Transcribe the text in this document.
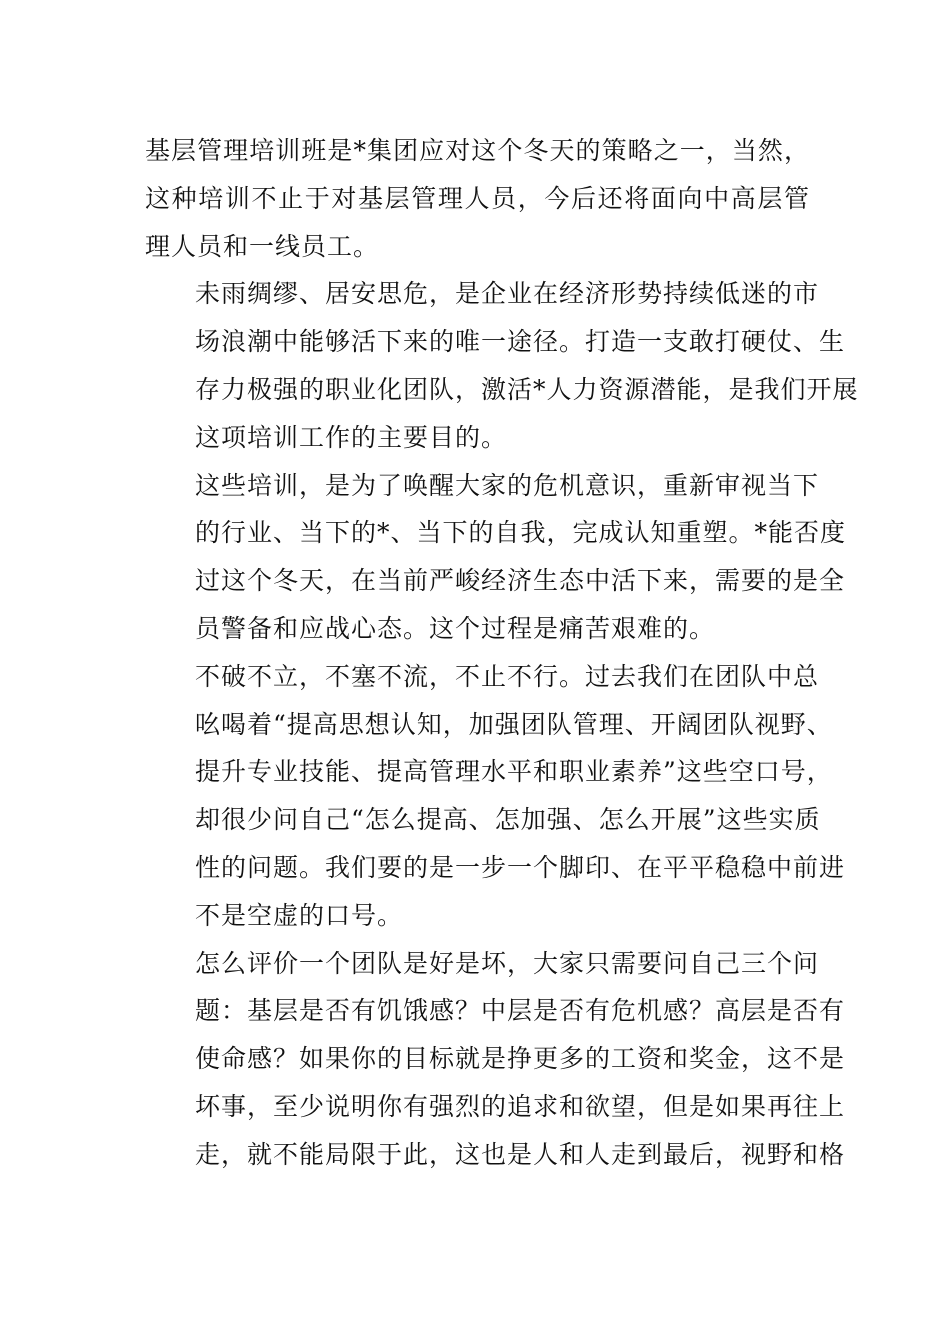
基层管理培训班是*集团应对这个冬天的策略之一，当然，
这种培训不止于对基层管理人员，今后还将面向中高层管
理人员和一线员工。
未雨绸缪、居安思危，是企业在经济形势持续低迷的市
场浪潮中能够活下来的唯一途径。打造一支敢打硬仗、生
存力极强的职业化团队，激活*人力资源潜能，是我们开展
这项培训工作的主要目的。
这些培训，是为了唤醒大家的危机意识，重新审视当下
的行业、当下的*、当下的自我，完成认知重塑。*能否度
过这个冬天，在当前严峻经济生态中活下来，需要的是全
员警备和应战心态。这个过程是痛苦艰难的。
不破不立，不塞不流，不止不行。过去我们在团队中总
吆喝着“提高思想认知，加强团队管理、开阔团队视野、
提升专业技能、提高管理水平和职业素养”这些空口号，
却很少问自己“怎么提高、怎加强、怎么开展”这些实质
性的问题。我们要的是一步一个脚印、在平平稳稳中前进
不是空虚的口号。
怎么评价一个团队是好是坏，大家只需要问自己三个问
题：基层是否有饥饿感？中层是否有危机感？高层是否有
使命感？如果你的目标就是挣更多的工资和奖金，这不是
坏事，至少说明你有强烈的追求和欲望，但是如果再往上
走，就不能局限于此，这也是人和人走到最后，视野和格
